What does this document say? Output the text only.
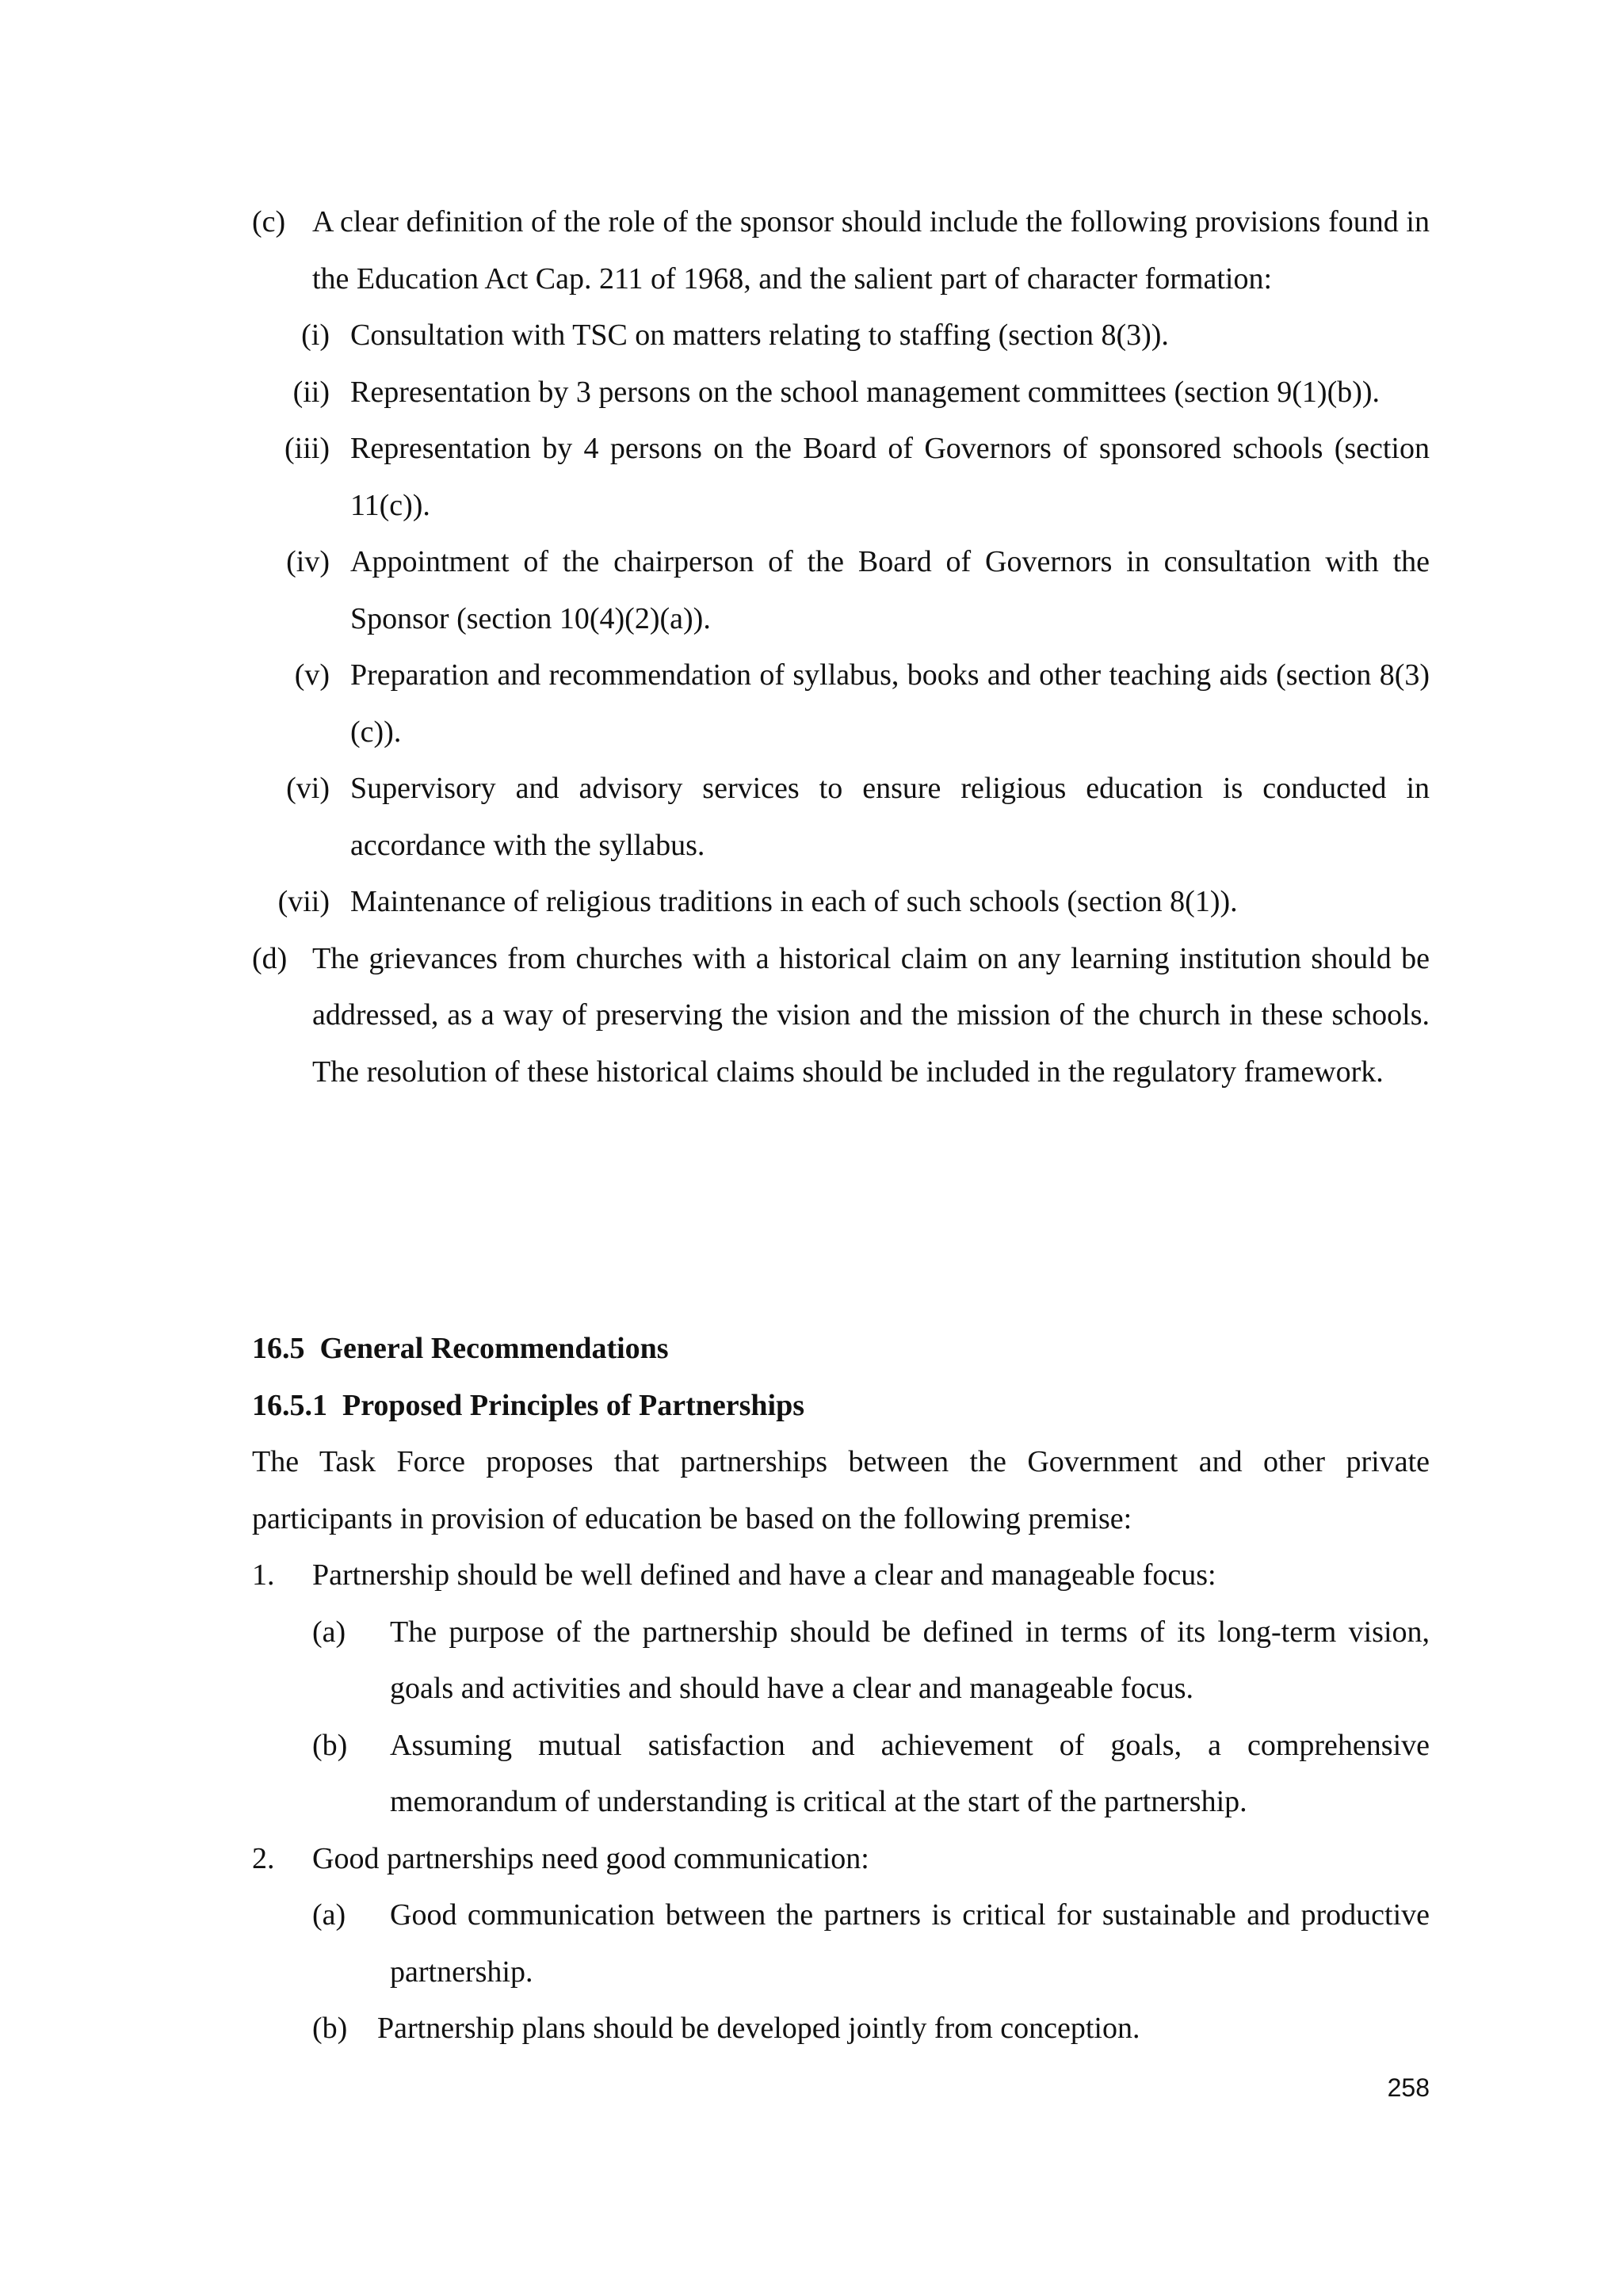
(c) A clear definition of the role of the sponsor should include the following provisions found in the Education Act Cap. 211 of 1968, and the salient part of character formation:
(i) Consultation with TSC on matters relating to staffing (section 8(3)).
(ii) Representation by 3 persons on the school management committees (section 9(1)(b)).
(iii) Representation by 4 persons on the Board of Governors of sponsored schools (section 11(c)).
(iv) Appointment of the chairperson of the Board of Governors in consultation with the Sponsor (section 10(4)(2)(a)).
(v) Preparation and recommendation of syllabus, books and other teaching aids (section 8(3)(c)).
(vi) Supervisory and advisory services to ensure religious education is conducted in accordance with the syllabus.
(vii) Maintenance of religious traditions in each of such schools (section 8(1)).
(d) The grievances from churches with a historical claim on any learning institution should be addressed, as a way of preserving the vision and the mission of the church in these schools. The resolution of these historical claims should be included in the regulatory framework.
16.5  General Recommendations
16.5.1  Proposed Principles of Partnerships
The Task Force proposes that partnerships between the Government and other private participants in provision of education be based on the following premise:
1. Partnership should be well defined and have a clear and manageable focus:
(a) The purpose of the partnership should be defined in terms of its long-term vision, goals and activities and should have a clear and manageable focus.
(b) Assuming mutual satisfaction and achievement of goals, a comprehensive memorandum of understanding is critical at the start of the partnership.
2. Good partnerships need good communication:
(a) Good communication between the partners is critical for sustainable and productive partnership.
(b) Partnership plans should be developed jointly from conception.
258
